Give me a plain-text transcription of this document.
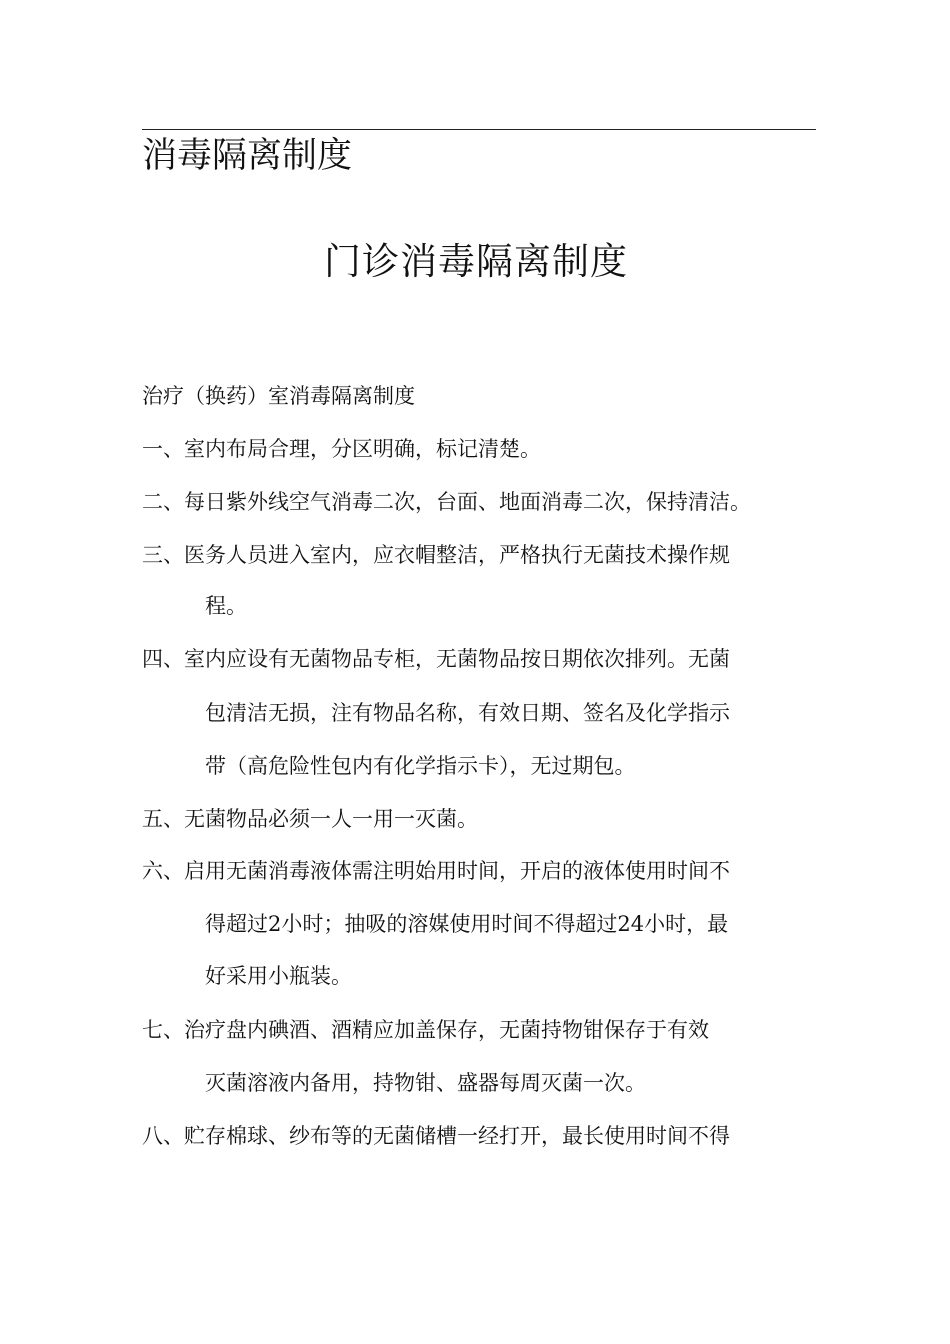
消毒隔离制度
门诊消毒隔离制度
治疗（换药）室消毒隔离制度
一、室内布局合理，分区明确，标记清楚。
二、每日紫外线空气消毒二次，台面、地面消毒二次，保持清洁。
三、医务人员进入室内，应衣帽整洁，严格执行无菌技术操作规
程。
四、室内应设有无菌物品专柜，无菌物品按日期依次排列。无菌
包清洁无损，注有物品名称，有效日期、签名及化学指示
带（高危险性包内有化学指示卡），无过期包。
五、无菌物品必须一人一用一灭菌。
六、启用无菌消毒液体需注明始用时间，开启的液体使用时间不
得超过2小时；抽吸的溶媒使用时间不得超过24小时，最
好采用小瓶装。
七、治疗盘内碘酒、酒精应加盖保存，无菌持物钳保存于有效
灭菌溶液内备用，持物钳、盛器每周灭菌一次。
八、贮存棉球、纱布等的无菌储槽一经打开，最长使用时间不得
